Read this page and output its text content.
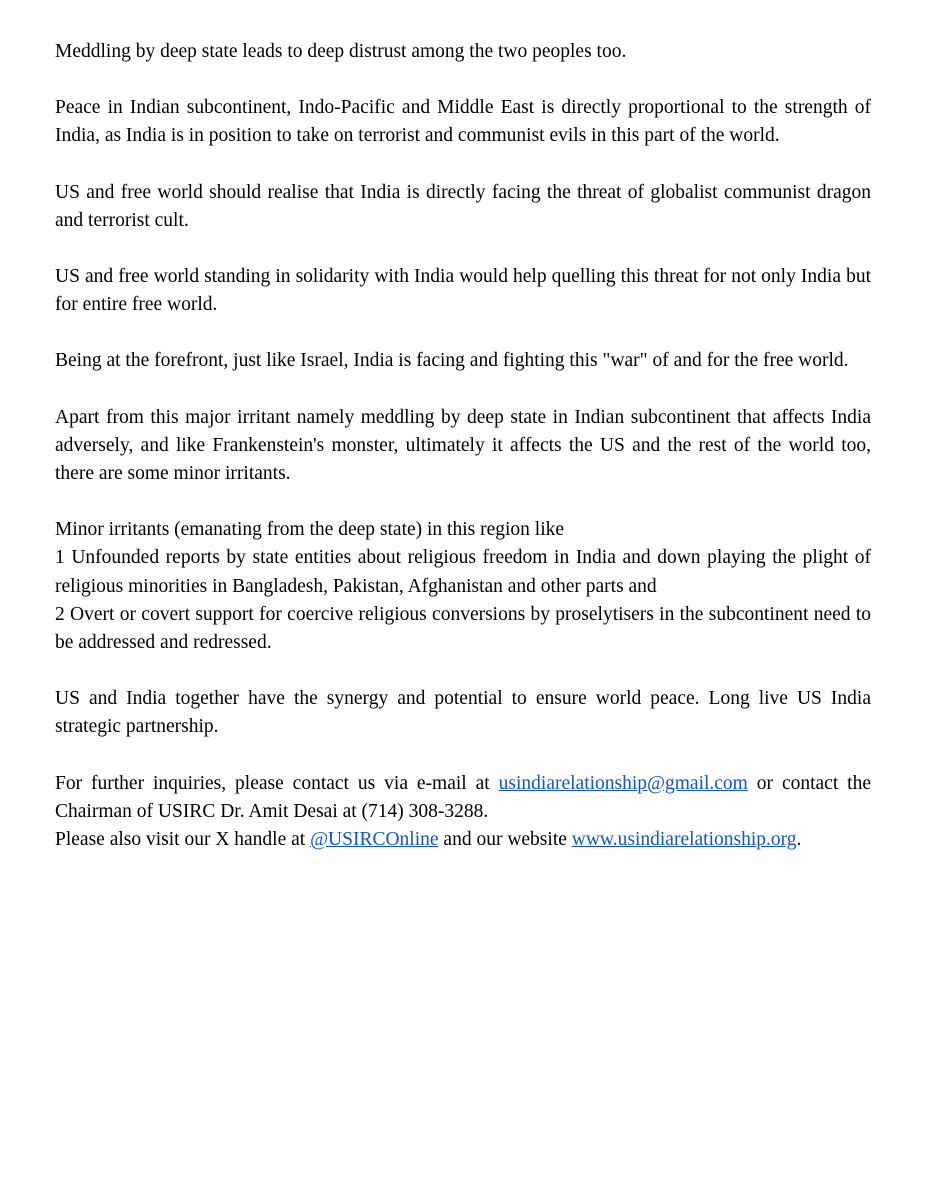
Meddling by deep state leads to deep distrust among the two peoples too.

Peace in Indian subcontinent, Indo-Pacific and Middle East is directly proportional to the strength of India, as India is in position to take on terrorist and communist evils in this part of the world.

US and free world should realise that India is directly facing the threat of globalist communist dragon and terrorist cult.

US and free world standing in solidarity with India would help quelling this threat for not only India but for entire free world.

Being at the forefront, just like Israel, India is facing and fighting this "war" of and for the free world.

Apart from this major irritant namely meddling by deep state in Indian subcontinent that affects India adversely, and like Frankenstein's monster, ultimately it affects the US and the rest of the world too, there are some minor irritants.

Minor irritants (emanating from the deep state) in this region like
1 Unfounded reports by state entities about religious freedom in India and down playing the plight of religious minorities in Bangladesh, Pakistan, Afghanistan and other parts and
2 Overt or covert support for coercive religious conversions by proselytisers in the subcontinent need to be addressed and redressed.

US and India together have the synergy and potential to ensure world peace. Long live US India strategic partnership.

For further inquiries, please contact us via e-mail at usindiarelationship@gmail.com or contact the Chairman of USIRC Dr. Amit Desai at (714) 308-3288.
Please also visit our X handle at @USIRCOnline and our website www.usindiarelationship.org.
